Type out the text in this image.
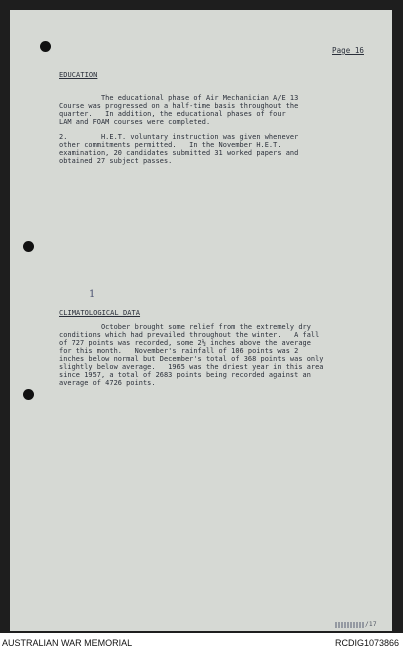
Page 16
EDUCATION
The educational phase of Air Mechanician A/E 13
Course was progressed on a half-time basis throughout the
quarter.   In addition, the educational phases of four
LAM and FOAM courses were completed.
2.        H.E.T. voluntary instruction was given whenever
other commitments permitted.   In the November H.E.T.
examination, 20 candidates submitted 31 worked papers and
obtained 27 subject passes.
1
CLIMATOLOGICAL DATA
October brought some relief from the extremely dry
conditions which had prevailed throughout the winter.   A fall
of 727 points was recorded, some 2½ inches above the average
for this month.   November's rainfall of 106 points was 2
inches below normal but December's total of 368 points was only
slightly below average.   1965 was the driest year in this area
since 1957, a total of 2683 points being recorded against an
average of 4726 points.
/17
AUSTRALIAN WAR MEMORIAL	RCDIG1073866
